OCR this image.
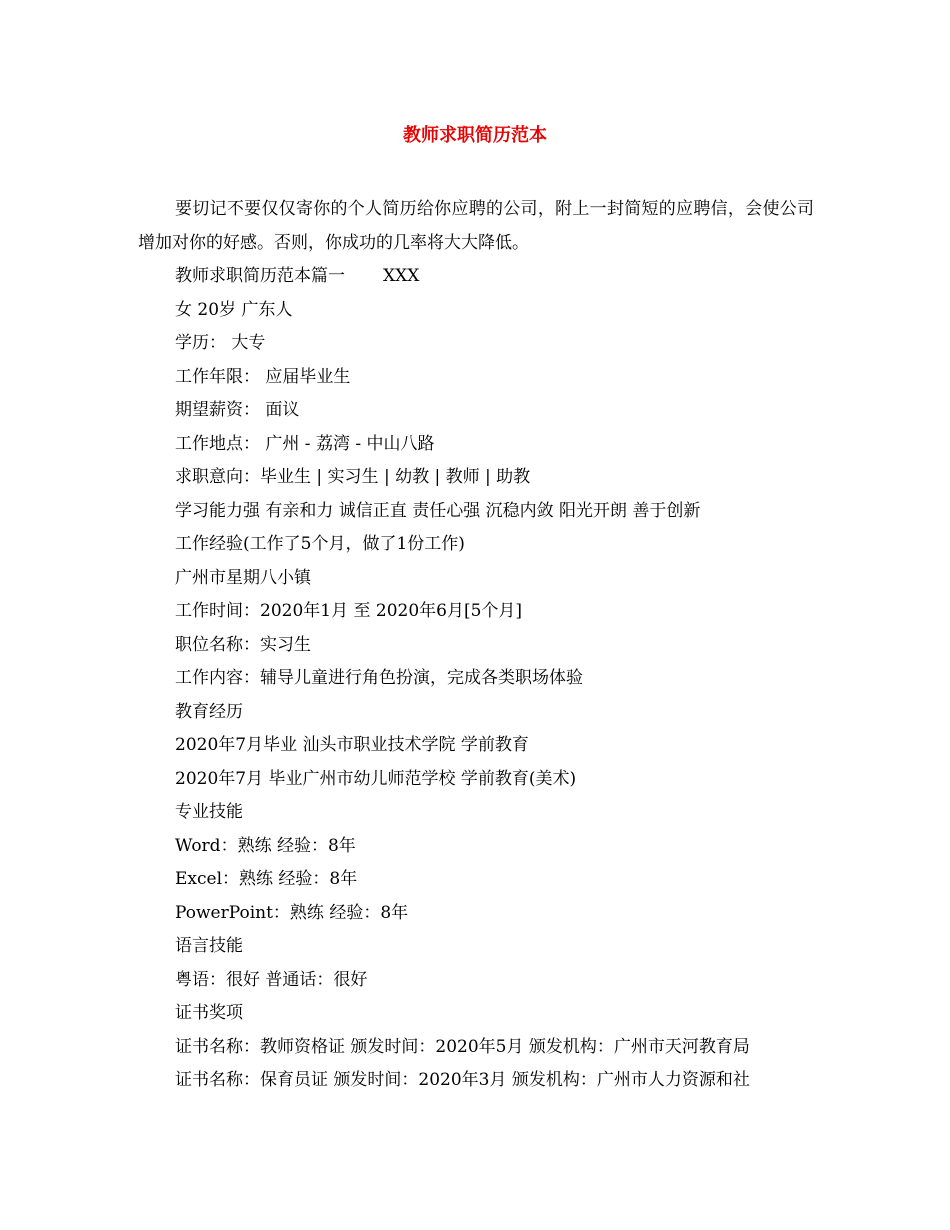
教师求职简历范本

要切记不要仅仅寄你的个人简历给你应聘的公司，附上一封简短的应聘信，会使公司增加对你的好感。否则，你成功的几率将大大降低。

教师求职简历范本篇一 XXX

女 20岁 广东人

学历： 大专

工作年限： 应届毕业生

期望薪资： 面议

工作地点： 广州 - 荔湾 - 中山八路

求职意向：毕业生 | 实习生 | 幼教 | 教师 | 助教

学习能力强 有亲和力 诚信正直 责任心强 沉稳内敛 阳光开朗 善于创新

工作经验(工作了5个月，做了1份工作)

广州市星期八小镇

工作时间：2020年1月 至 2020年6月[5个月]

职位名称：实习生

工作内容：辅导儿童进行角色扮演，完成各类职场体验

教育经历

2020年7月毕业 汕头市职业技术学院 学前教育

2020年7月 毕业广州市幼儿师范学校 学前教育(美术)

专业技能

Word：熟练 经验：8年

Excel：熟练 经验：8年

PowerPoint：熟练 经验：8年

语言技能

粤语：很好 普通话：很好

证书奖项

证书名称：教师资格证 颁发时间：2020年5月 颁发机构：广州市天河教育局

证书名称：保育员证 颁发时间：2020年3月 颁发机构：广州市人力资源和社
